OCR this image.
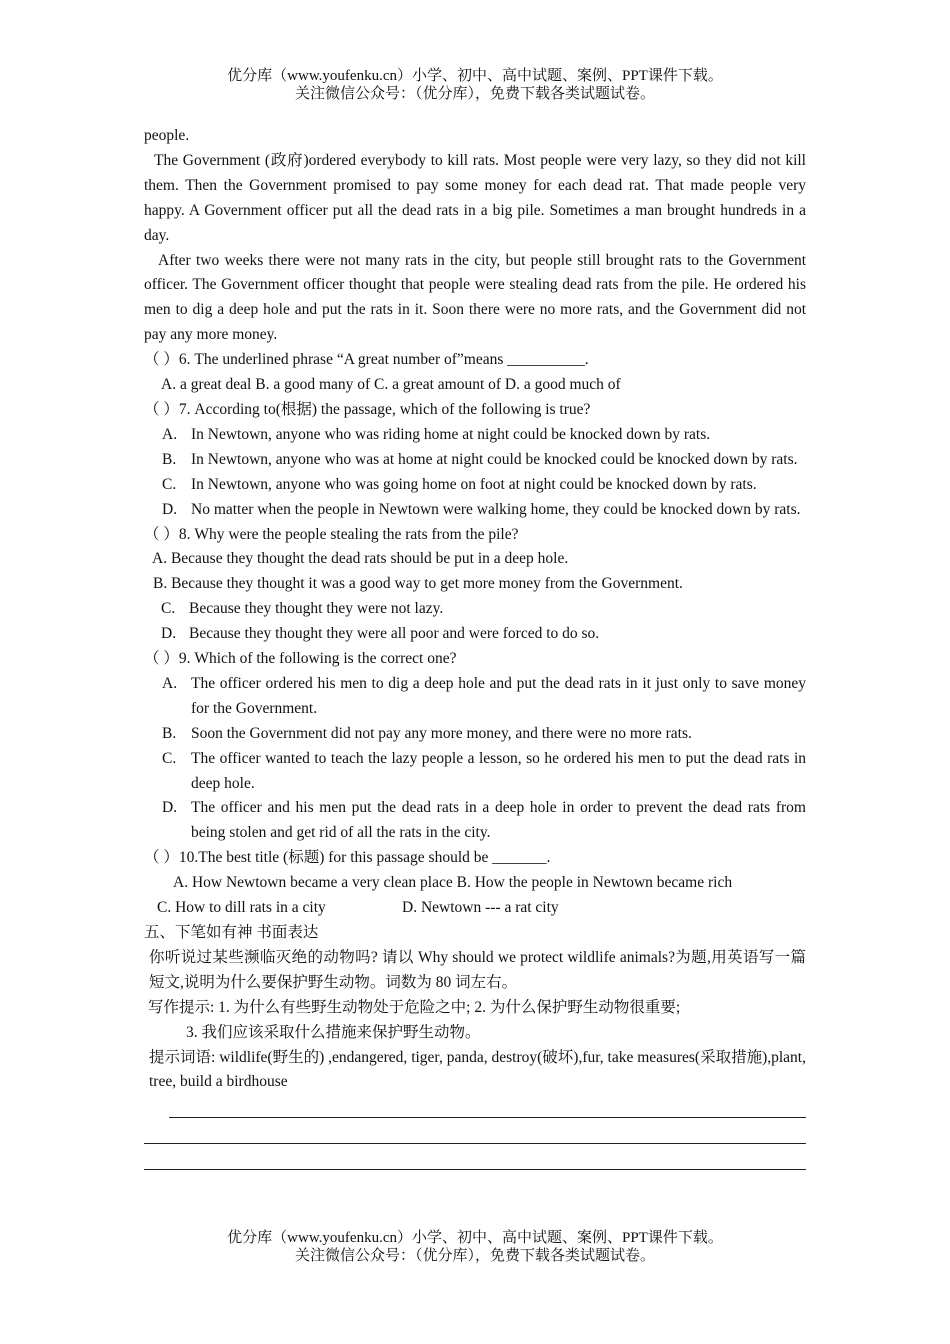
优分库（www.youfenku.cn）小学、初中、高中试题、案例、PPT课件下载。
关注微信公众号：（优分库），免费下载各类试题试卷。

people.

The Government (政府)ordered everybody to kill rats. Most people were very lazy, so they did not kill them. Then the Government promised to pay some money for each dead rat. That made people very happy. A Government officer put all the dead rats in a big pile. Sometimes a man brought hundreds in a day.

After two weeks there were not many rats in the city, but people still brought rats to the Government officer. The Government officer thought that people were stealing dead rats from the pile. He ordered his men to dig a deep hole and put the rats in it. Soon there were no more rats, and the Government did not pay any more money.

（ ）6. The underlined phrase “A great number of”means __________.

A. a great deal B. a good many of C. a great amount of D. a good much of

（ ）7. According to(根据) the passage, which of the following is true?

A. In Newtown, anyone who was riding home at night could be knocked down by rats.
B. In Newtown, anyone who was at home at night could be knocked could be knocked down by rats.
C. In Newtown, anyone who was going home on foot at night could be knocked down by rats.
D. No matter when the people in Newtown were walking home, they could be knocked down by rats.

（ ）8. Why were the people stealing the rats from the pile?

A. Because they thought the dead rats should be put in a deep hole.

B. Because they thought it was a good way to get more money from the Government.

C. Because they thought they were not lazy.
D. Because they thought they were all poor and were forced to do so.

（ ）9. Which of the following is the correct one?

A. The officer ordered his men to dig a deep hole and put the dead rats in it just only to save money for the Government.
B. Soon the Government did not pay any more money, and there were no more rats.
C. The officer wanted to teach the lazy people a lesson, so he ordered his men to put the dead rats in deep hole.
D. The officer and his men put the dead rats in a deep hole in order to prevent the dead rats from being stolen and get rid of all the rats in the city.

（ ）10.The best title (标题) for this passage should be _______.

A. How Newtown became a very clean place B. How the people in Newtown became rich

C. How to dill rats in a city	D. Newtown --- a rat city

五、下笔如有神 书面表达

你听说过某些濒临灭绝的动物吗? 请以 Why should we protect wildlife animals?为题,用英语写一篇短文,说明为什么要保护野生动物。词数为 80 词左右。

写作提示: 1. 为什么有些野生动物处于危险之中; 2. 为什么保护野生动物很重要;

3. 我们应该采取什么措施来保护野生动物。

提示词语: wildlife(野生的) ,endangered, tiger, panda, destroy(破坏),fur, take measures(采取措施),plant, tree, build a birdhouse

优分库（www.youfenku.cn）小学、初中、高中试题、案例、PPT课件下载。
关注微信公众号：（优分库），免费下载各类试题试卷。
